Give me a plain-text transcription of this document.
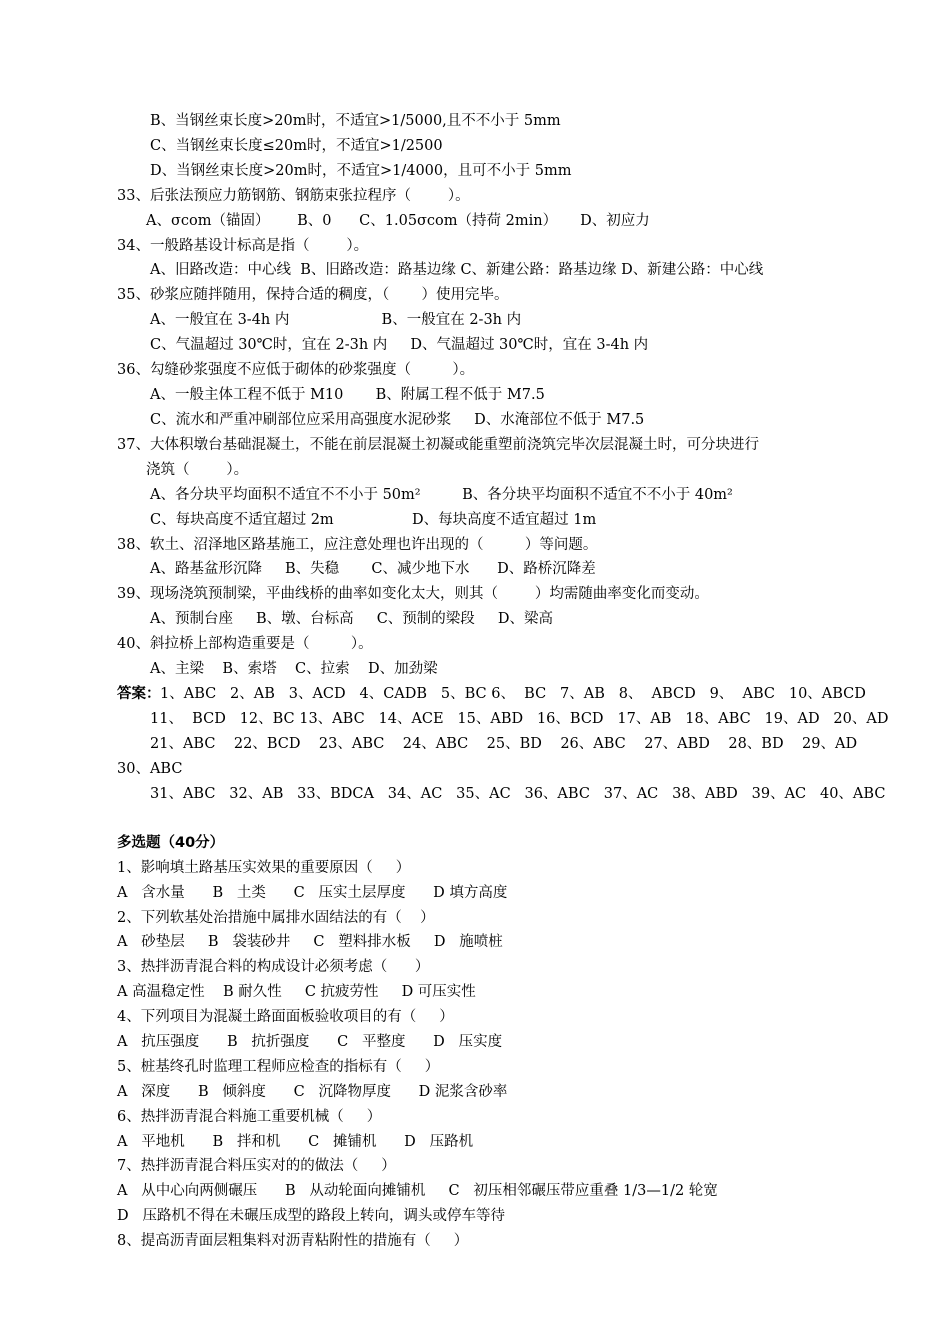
B、当钢丝束长度>20m时，不适宜>1/5000,且不不小于 5mm
C、当钢丝束长度≤20m时，不适宜>1/2500
D、当钢丝束长度>20m时，不适宜>1/4000，且可不小于 5mm
33、后张法预应力筋钢筋、钢筋束张拉程序（        ）。
A、σcom（锚固）      B、0      C、1.05σcom（持荷 2min）     D、初应力
34、一般路基设计标高是指（        ）。
A、旧路改造：中心线  B、旧路改造：路基边缘 C、新建公路：路基边缘 D、新建公路：中心线
35、砂浆应随拌随用，保持合适的稠度，（       ）使用完毕。
A、一般宜在 3-4h 内                    B、一般宜在 2-3h 内
C、气温超过 30℃时，宜在 2-3h 内     D、气温超过 30℃时，宜在 3-4h 内
36、勾缝砂浆强度不应低于砌体的砂浆强度（         ）。
A、一般主体工程不低于 M10       B、附属工程不低于 M7.5
C、流水和严重冲刷部位应采用高强度水泥砂浆     D、水淹部位不低于 M7.5
37、大体积墩台基础混凝土，不能在前层混凝土初凝或能重塑前浇筑完毕次层混凝土时，可分块进行
浇筑（        ）。
A、各分块平均面积不适宜不不小于 50m²         B、各分块平均面积不适宜不不小于 40m²
C、每块高度不适宜超过 2m                 D、每块高度不适宜超过 1m
38、软土、沼泽地区路基施工，应注意处理也许出现的（         ）等问题。
A、路基盆形沉降     B、失稳       C、减少地下水      D、路桥沉降差
39、现场浇筑预制梁，平曲线桥的曲率如变化太大，则其（        ）均需随曲率变化而变动。
A、预制台座     B、墩、台标高     C、预制的梁段     D、梁高
40、斜拉桥上部构造重要是（         ）。
A、主梁    B、索塔    C、拉索    D、加劲梁
答案： 1、ABC   2、AB   3、ACD   4、CADB   5、BC 6、  BC   7、AB   8、  ABCD   9、  ABC   10、ABCD
11、  BCD   12、BC 13、ABC   14、ACE   15、ABD   16、BCD   17、AB   18、ABC   19、AD   20、AD
21、ABC    22、BCD    23、ABC    24、ABC    25、BD    26、ABC    27、ABD    28、BD    29、AD
30、ABC
31、ABC   32、AB   33、BDCA   34、AC   35、AC   36、ABC   37、AC   38、ABD   39、AC   40、ABC
多选题（40分）
1、影响填土路基压实效果的重要原因（     ）
A   含水量      B   土类      C   压实土层厚度      D 填方高度
2、下列软基处治措施中属排水固结法的有（    ）
A   砂垫层     B   袋装砂井     C   塑料排水板     D   施喷桩
3、热拌沥青混合料的构成设计必须考虑（      ）
A 高温稳定性    B 耐久性     C 抗疲劳性     D 可压实性
4、下列项目为混凝土路面面板验收项目的有（     ）
A   抗压强度      B   抗折强度      C   平整度      D   压实度
5、桩基终孔时监理工程师应检查的指标有（     ）
A   深度      B   倾斜度      C   沉降物厚度      D 泥浆含砂率
6、热拌沥青混合料施工重要机械（     ）
A   平地机      B   拌和机      C   摊铺机      D   压路机
7、热拌沥青混合料压实对的的做法（     ）
A   从中心向两侧碾压      B   从动轮面向摊铺机     C   初压相邻碾压带应重叠 1/3—1/2 轮宽
D   压路机不得在未碾压成型的路段上转向，调头或停车等待
8、提高沥青面层粗集料对沥青粘附性的措施有（     ）
